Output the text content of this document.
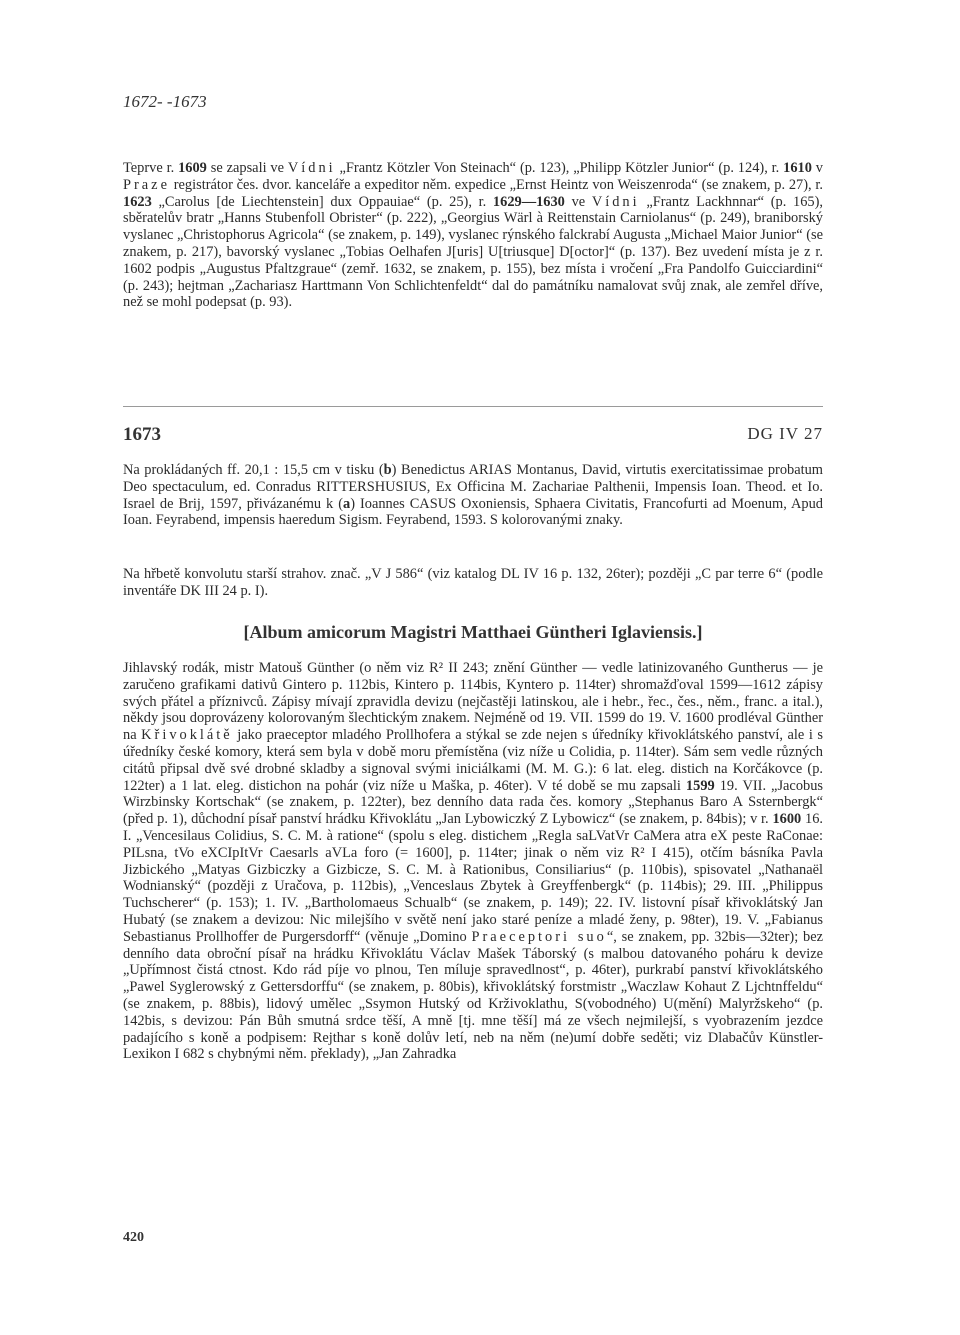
1672- -1673

Teprve r. 1609 se zapsali ve Vídni „Frantz Kötzler Von Steinach“ (p. 123), „Philipp Kötzler Junior“ (p. 124), r. 1610 v Praze registrátor čes. dvor. kanceláře a expeditor něm. expedice „Ernst Heintz von Weiszenroda“ (se znakem, p. 27), r. 1623 „Carolus [de Liechtenstein] dux Oppauiae“ (p. 25), r. 1629—1630 ve Vídni „Frantz Lackhnnar“ (p. 165), sběratelův bratr „Hanns Stubenfoll Obrister“ (p. 222), „Georgius Wärl à Reittenstain Carniolanus“ (p. 249), braniborský vyslanec „Christophorus Agricola“ (se znakem, p. 149), vyslanec rýnského falckrabí Augusta „Michael Maior Junior“ (se znakem, p. 217), bavorský vyslanec „Tobias Oelhafen J[uris] U[triusque] D[octor]“ (p. 137). Bez uvedení místa je z r. 1602 podpis „Augustus Pfaltzgraue“ (zemř. 1632, se znakem, p. 155), bez místa i vročení „Fra Pandolfo Guicciardini“ (p. 243); hejtman „Zachariasz Harttmann Von Schlichtenfeldt“ dal do památníku namalovat svůj znak, ale zemřel dříve, než se mohl podepsat (p. 93).

1673	DG IV 27

Na prokládaných ff. 20,1 : 15,5 cm v tisku (b) Benedictus ARIAS Montanus, David, virtutis exercitatissimae probatum Deo spectaculum, ed. Conradus RITTERSHUSIUS, Ex Officina M. Zachariae Palthenii, Impensis Ioan. Theod. et Io. Israel de Brij, 1597, přivázanému k (a) Ioannes CASUS Oxoniensis, Sphaera Civitatis, Francofurti ad Moenum, Apud Ioan. Feyrabend, impensis haeredum Sigism. Feyrabend, 1593. S kolorovanými znaky.

Na hřbetě konvolutu starší strahov. znač. „V J 586“ (viz katalog DL IV 16 p. 132, 26ter); později „C par terre 6“ (podle inventáře DK III 24 p. I).

[Album amicorum Magistri Matthaei Güntheri Iglaviensis.]

Jihlavský rodák, mistr Matouš Günther (o něm viz R² II 243; znění Günther — vedle latinizovaného Guntherus — je zaručeno grafikami dativů Gintero p. 112bis, Kintero p. 114bis, Kyntero p. 114ter) shromažďoval 1599—1612 zápisy svých přátel a příznivců. Zápisy mívají zpravidla devizu (nejčastěji latinskou, ale i hebr., řec., čes., něm., franc. a ital.), někdy jsou doprovázeny kolorovaným šlechtickým znakem. Nejméně od 19. VII. 1599 do 19. V. 1600 prodléval Günther na Křivoklátě jako praeceptor mladého Prollhofera a stýkal se zde nejen s úředníky křivoklátského panství, ale i s úředníky české komory, která sem byla v době moru přemístěna (viz níže u Colidia, p. 114ter). Sám sem vedle různých citátů připsal dvě své drobné skladby a signoval svými iniciálkami (M. M. G.): 6 lat. eleg. distich na Korčákovce (p. 122ter) a 1 lat. eleg. distichon na pohár (viz níže u Maška, p. 46ter). V té době se mu zapsali 1599 19. VII. „Jacobus Wirzbinsky Kortschak“ (se znakem, p. 122ter), bez denního data rada čes. komory „Stephanus Baro A Ssternbergk“ (před p. 1), důchodní písař panství hrádku Křivoklátu „Jan Lybowiczký Z Lybowicz“ (se znakem, p. 84bis); v r. 1600 16. I. „Vencesilaus Colidius, S. C. M. à ratione“ (spolu s eleg. distichem „Regla saLVatVr CaMera atra eX peste RaConae: PILsna, tVo eXCIpItVr Caesarls aVLa foro (= 1600], p. 114ter; jinak o něm viz R² I 415), otčím básníka Pavla Jizbického „Matyas Gizbiczky a Gizbicze, S. C. M. à Rationibus, Consiliarius“ (p. 110bis), spisovatel „Nathanaël Wodnianský“ (později z Uračova, p. 112bis), „Venceslaus Zbytek à Greyffenbergk“ (p. 114bis); 29. III. „Philippus Tuchscherer“ (p. 153); 1. IV. „Bartholomaeus Schualb“ (se znakem, p. 149); 22. IV. listovní písař křivoklátský Jan Hubatý (se znakem a devizou: Nic milejšího v světě není jako staré peníze a mladé ženy, p. 98ter), 19. V. „Fabianus Sebastianus Prollhoffer de Purgersdorff“ (věnuje „Domino Praeceptori suo“, se znakem, pp. 32bis—32ter); bez denního data obroční písař na hrádku Křivoklátu Václav Mašek Táborský (s malbou datovaného poháru k devize „Upřímnost čistá ctnost. Kdo rád píje vo plnou, Ten míluje spravedlnost“, p. 46ter), purkrabí panství křivoklátského „Pawel Syglerowský z Gettersdorffu“ (se znakem, p. 80bis), křivoklátský forstmistr „Waczlaw Kohaut Z Ljchtnffeldu“ (se znakem, p. 88bis), lidový umělec „Ssymon Hutský od Krživoklathu, S(vobodného) U(mění) Malyržskeho“ (p. 142bis, s devizou: Pán Bůh smutná srdce těší, A mně [tj. mne těší] má ze všech nejmilejší, s vyobrazením jezdce padajícího s koně a podpisem: Rejthar s koně dolův letí, neb na něm (ne)umí dobře seděti; viz Dlabačův Künstler-Lexikon I 682 s chybnými něm. překlady), „Jan Zahradka

420
